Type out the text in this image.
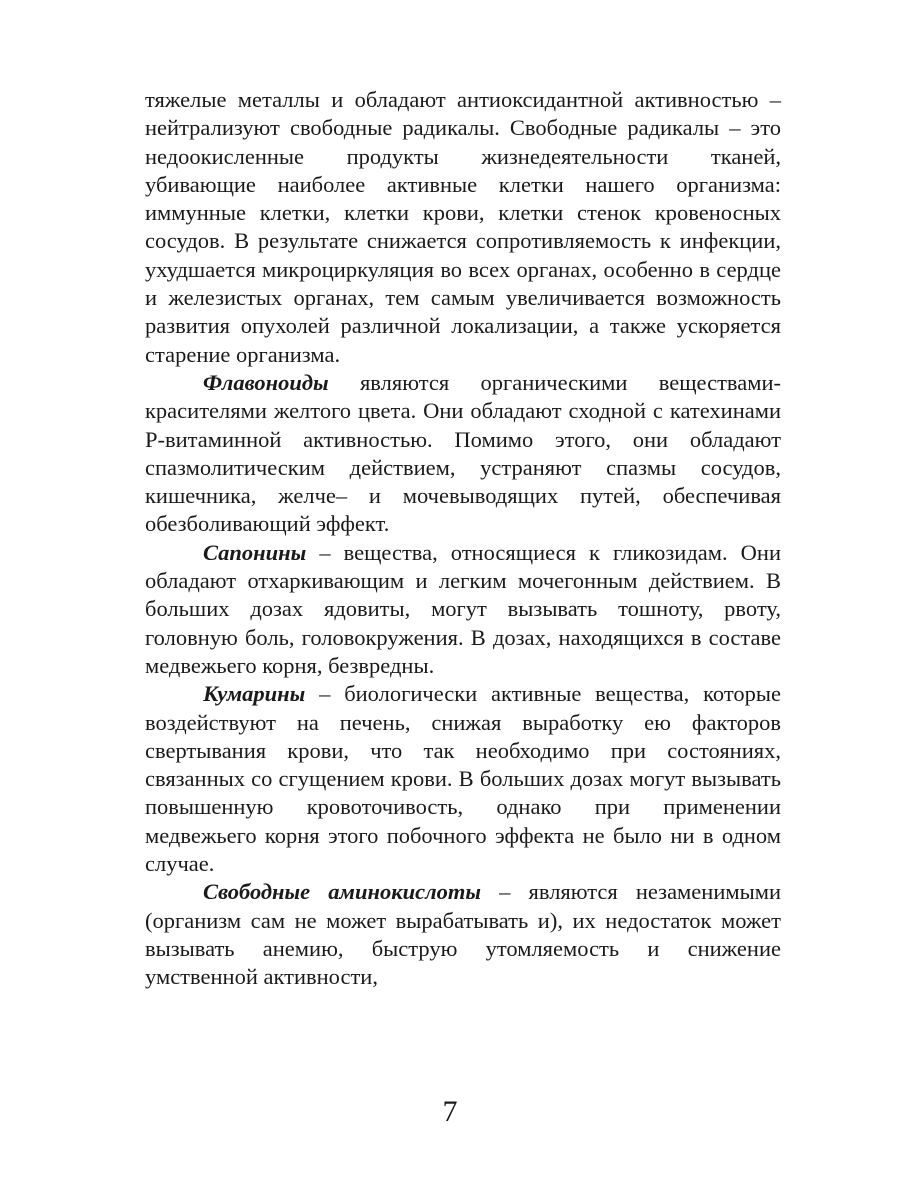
тяжелые металлы и обладают антиоксидантной активностью – нейтрализуют свободные радикалы. Свободные радикалы – это недоокисленные продукты жизнедеятельности тканей, убивающие наиболее активные клетки нашего организма: иммунные клетки, клетки крови, клетки стенок кровеносных сосудов. В результате снижается сопротивляемость к инфекции, ухудшается микроциркуляция во всех органах, особенно в сердце и железистых органах, тем самым увеличивается возможность развития опухолей различной локализации, а также ускоряется старение организма.

Флавоноиды являются органическими веществами-красителями желтого цвета. Они обладают сходной с катехинами Р-витаминной активностью. Помимо этого, они обладают спазмолитическим действием, устраняют спазмы сосудов, кишечника, желче– и мочевыводящих путей, обеспечивая обезболивающий эффект.

Сапонины – вещества, относящиеся к гликозидам. Они обладают отхаркивающим и легким мочегонным действием. В больших дозах ядовиты, могут вызывать тошноту, рвоту, головную боль, головокружения. В дозах, находящихся в составе медвежьего корня, безвредны.

Кумарины – биологически активные вещества, которые воздействуют на печень, снижая выработку ею факторов свертывания крови, что так необходимо при состояниях, связанных со сгущением крови. В больших дозах могут вызывать повышенную кровоточивость, однако при применении медвежьего корня этого побочного эффекта не было ни в одном случае.

Свободные аминокислоты – являются незаменимыми (организм сам не может вырабатывать и), их недостаток может вызывать анемию, быструю утомляемость и снижение умственной активности,

7
